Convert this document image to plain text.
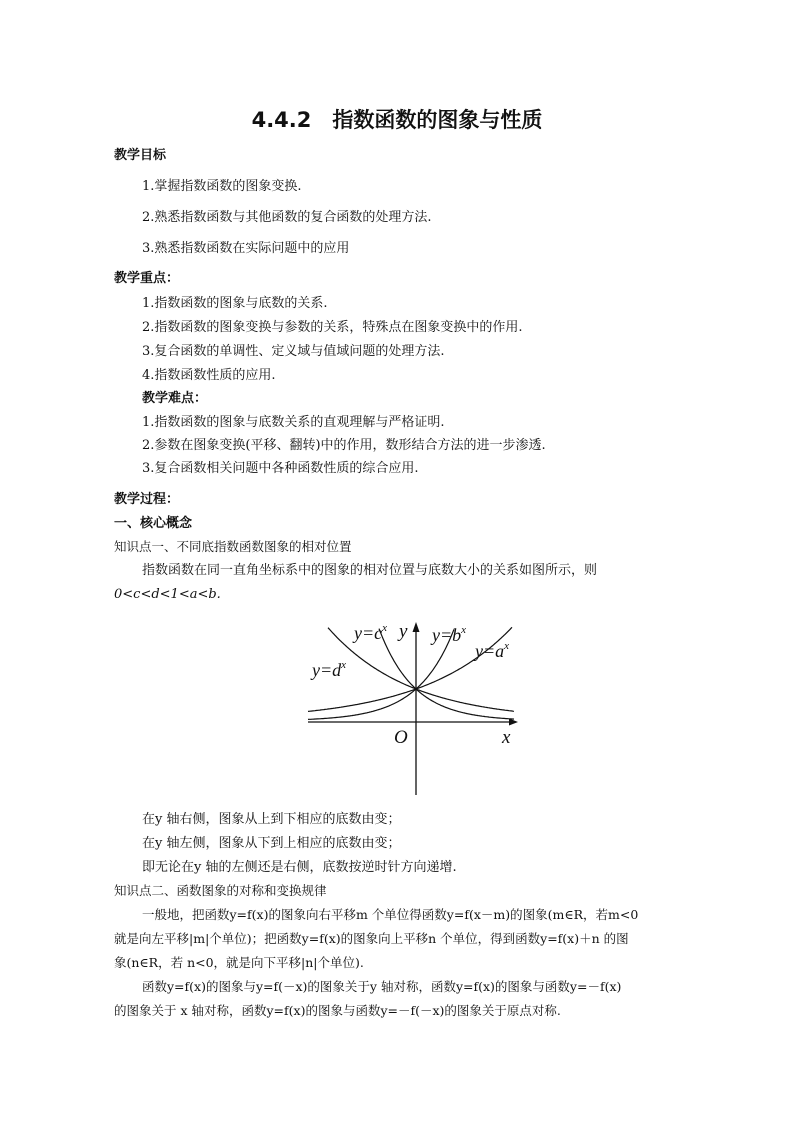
4.4.2　指数函数的图象与性质
教学目标
1.掌握指数函数的图象变换.
2.熟悉指数函数与其他函数的复合函数的处理方法.
3.熟悉指数函数在实际问题中的应用
教学重点：
1.指数函数的图象与底数的关系.
2.指数函数的图象变换与参数的关系，特殊点在图象变换中的作用.
3.复合函数的单调性、定义域与值域问题的处理方法.
4.指数函数性质的应用.
教学难点：
1.指数函数的图象与底数关系的直观理解与严格证明.
2.参数在图象变换(平移、翻转)中的作用，数形结合方法的进一步渗透.
3.复合函数相关问题中各种函数性质的综合应用.
教学过程：
一、核心概念
知识点一、不同底指数函数图象的相对位置
指数函数在同一直角坐标系中的图象的相对位置与底数大小的关系如图所示，则
0<c<d<1<a<b.
$y=c^x$ y $y=b^x$
$y=a^x$
$y=d^x$
O	x
在y 轴右侧，图象从上到下相应的底数由变；
在y 轴左侧，图象从下到上相应的底数由变；
即无论在y 轴的左侧还是右侧，底数按逆时针方向递增.
知识点二、函数图象的对称和变换规律
一般地，把函数y=f(x)的图象向右平移m 个单位得函数y=f(x－m)的图象(m∈R，若m<0
就是向左平移|m|个单位)；把函数y=f(x)的图象向上平移n 个单位，得到函数y=f(x)＋n 的图
象(n∈R，若 n<0，就是向下平移|n|个单位).
函数y=f(x)的图象与y=f(－x)的图象关于y 轴对称，函数y=f(x)的图象与函数y=－f(x)
的图象关于 x 轴对称，函数y=f(x)的图象与函数y=－f(－x)的图象关于原点对称.
